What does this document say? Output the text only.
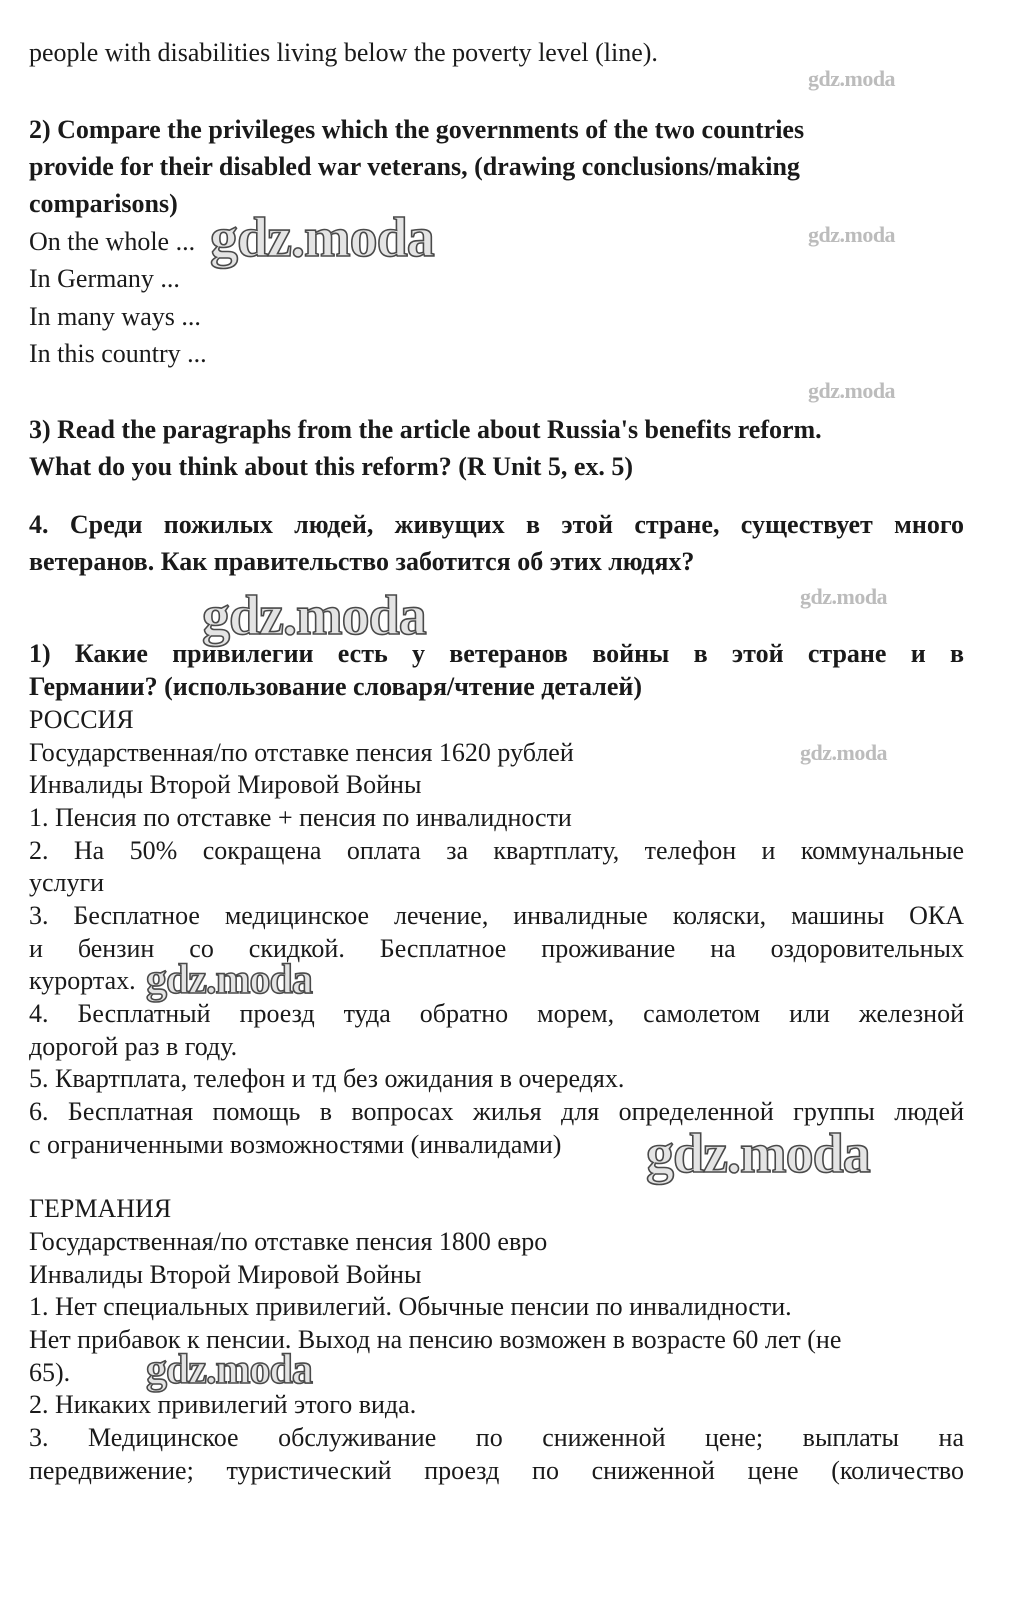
gdz.moda
gdz.moda
gdz.moda
gdz.moda
gdz.moda
people with disabilities living below the poverty level (line).
2) Compare the privileges which the governments of the two countries
provide for their disabled war veterans, (drawing conclusions/making
comparisons)
On the whole ...
In Germany ...
In many ways ...
In this country ...
3) Read the paragraphs from the article about Russia's benefits reform.
What do you think about this reform? (R Unit 5, ex. 5)
4. Среди пожилых людей, живущих в этой стране, существует много
ветеранов. Как правительство заботится об этих людях?
1) Какие привилегии есть у ветеранов войны в этой стране и в
Германии? (использование словаря/чтение деталей)
РОССИЯ
Государственная/по отставке пенсия 1620 рублей
Инвалиды Второй Мировой Войны
1. Пенсия по отставке + пенсия по инвалидности
2. На 50% сокращена оплата за квартплату, телефон и коммунальные
услуги
3. Бесплатное медицинское лечение, инвалидные коляски, машины ОКА
и бензин со скидкой. Бесплатное проживание на оздоровительных
курортах.
4. Бесплатный проезд туда обратно морем, самолетом или железной
дорогой раз в году.
5. Квартплата, телефон и тд без ожидания в очередях.
6. Бесплатная помощь в вопросах жилья для определенной группы людей
с ограниченными возможностями (инвалидами)
ГЕРМАНИЯ
Государственная/по отставке пенсия 1800 евро
Инвалиды Второй Мировой Войны
1. Нет специальных привилегий. Обычные пенсии по инвалидности.
Нет прибавок к пенсии. Выход на пенсию возможен в возрасте 60 лет (не
65).
2. Никаких привилегий этого вида.
3. Медицинское обслуживание по сниженной цене; выплаты на
передвижение; туристический проезд по сниженной цене (количество
gdz.moda
gdz.moda
gdz.moda
gdz.moda
gdz.moda
